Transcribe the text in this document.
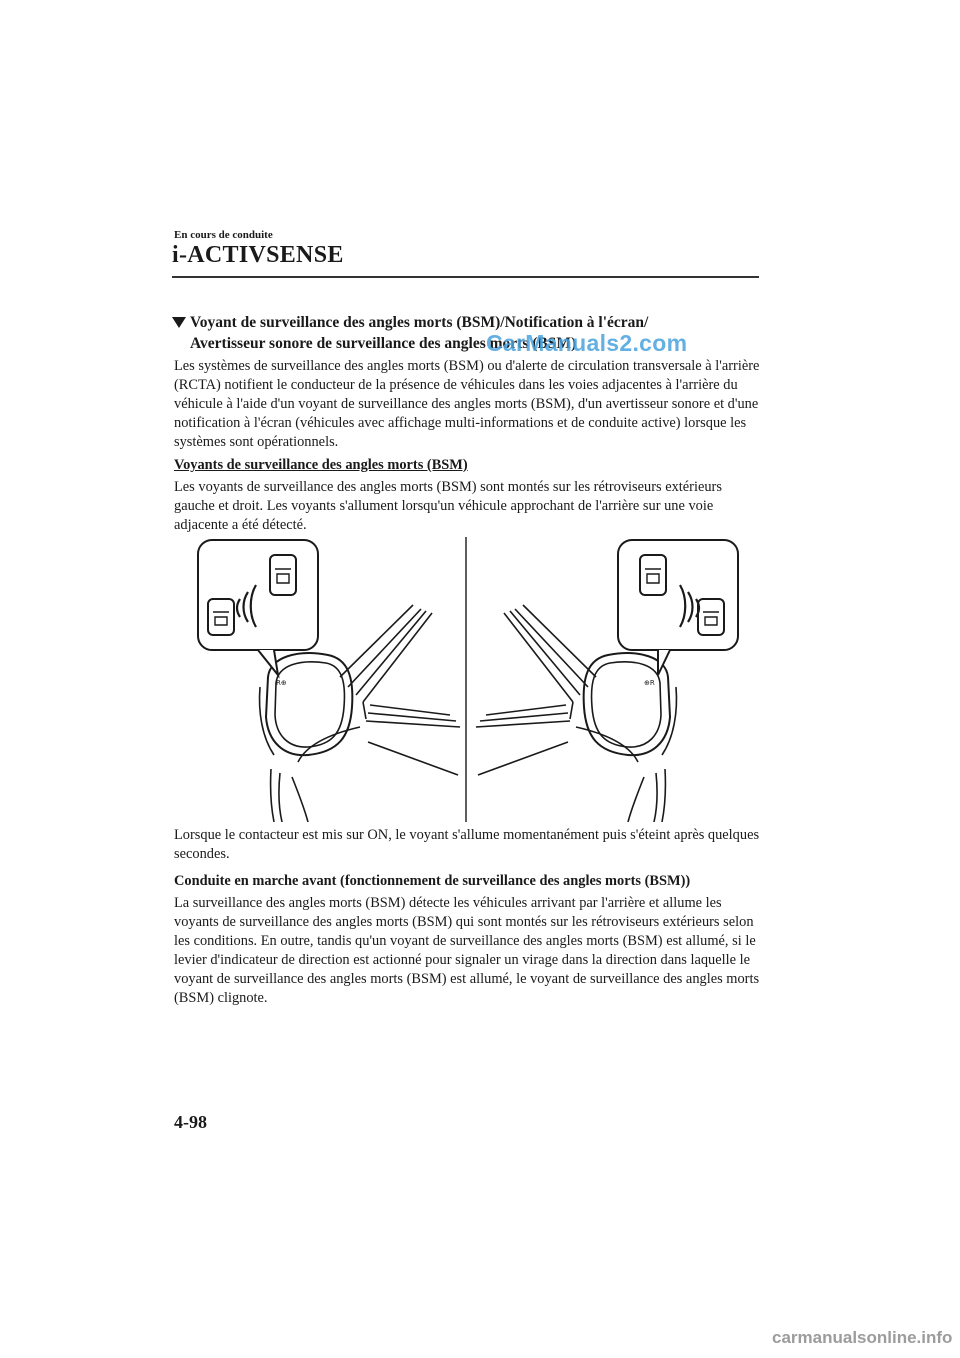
En cours de conduite
i-ACTIVSENSE
Voyant de surveillance des angles morts (BSM)/Notification à l'écran/
Avertisseur sonore de surveillance des angles morts (BSM)
CarManuals2.com
Les systèmes de surveillance des angles morts (BSM) ou d'alerte de circulation transversale à l'arrière (RCTA) notifient le conducteur de la présence de véhicules dans les voies adjacentes à l'arrière du véhicule à l'aide d'un voyant de surveillance des angles morts (BSM), d'un avertisseur sonore et d'une notification à l'écran (véhicules avec affichage multi-informations et de conduite active) lorsque les systèmes sont opérationnels.
Voyants de surveillance des angles morts (BSM)
Les voyants de surveillance des angles morts (BSM) sont montés sur les rétroviseurs extérieurs gauche et droit. Les voyants s'allument lorsqu'un véhicule approchant de l'arrière sur une voie adjacente a été détecté.
R⊕	⊕R
Lorsque le contacteur est mis sur ON, le voyant s'allume momentanément puis s'éteint après quelques secondes.
Conduite en marche avant (fonctionnement de surveillance des angles morts (BSM))
La surveillance des angles morts (BSM) détecte les véhicules arrivant par l'arrière et allume les voyants de surveillance des angles morts (BSM) qui sont montés sur les rétroviseurs extérieurs selon les conditions. En outre, tandis qu'un voyant de surveillance des angles morts (BSM) est allumé, si le levier d'indicateur de direction est actionné pour signaler un virage dans la direction dans laquelle le voyant de surveillance des angles morts (BSM) est allumé, le voyant de surveillance des angles morts (BSM) clignote.
4-98
carmanualsonline.info
